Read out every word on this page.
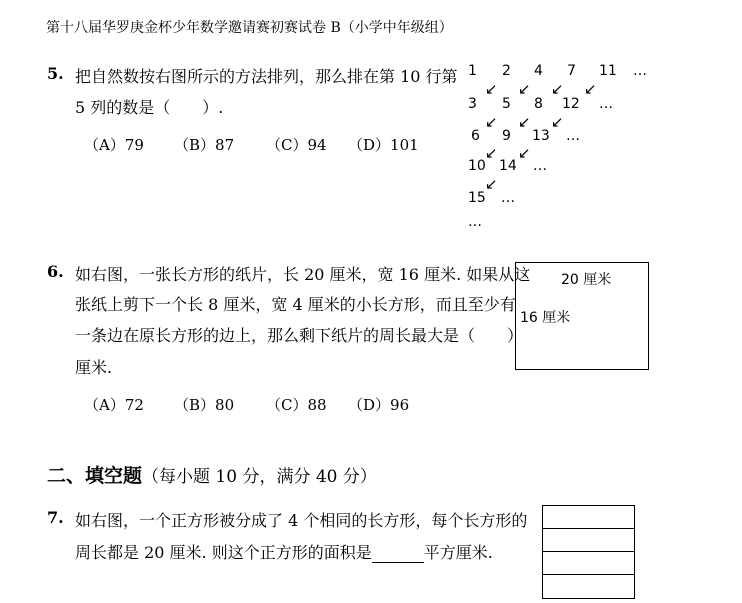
第十八届华罗庚金杯少年数学邀请赛初赛试卷 B（小学中年级组）
5. 把自然数按右图所示的方法排列，那么排在第 10 行第
5 列的数是（　　）.
（A）79 （B）87 （C）94 （D）101
1 2 4 7 11 …
3 5 8 12 …
6 9 13 …
10 14 …
15 …
…
↙ ↙ ↙ ↙
↙ ↙ ↙
↙ ↙
↙
6. 如右图，一张长方形的纸片，长 20 厘米，宽 16 厘米. 如果从这
张纸上剪下一个长 8 厘米，宽 4 厘米的小长方形，而且至少有
一条边在原长方形的边上，那么剩下纸片的周长最大是（　　）
厘米.
（A）72 （B）80 （C）88 （D）96
20 厘米
16 厘米
二、填空题（每小题 10 分，满分 40 分）
7. 如右图，一个正方形被分成了 4 个相同的长方形，每个长方形的
周长都是 20 厘米. 则这个正方形的面积是	平方厘米.
